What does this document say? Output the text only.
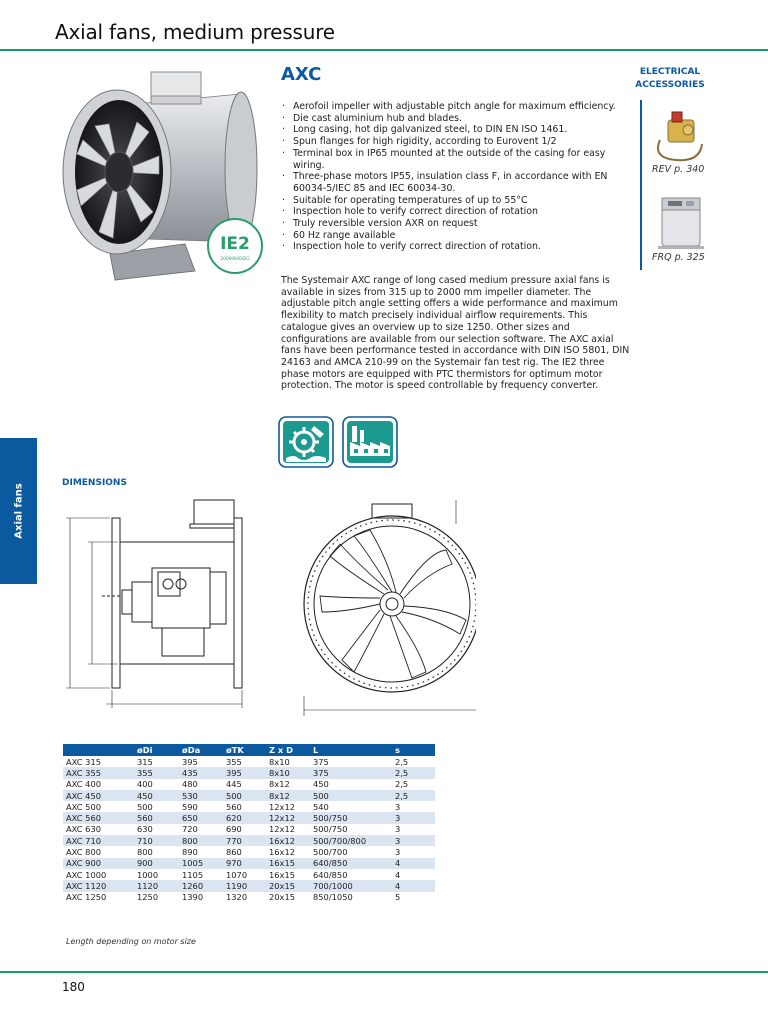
Axial fans, medium pressure
Axial fans
IE2
2009/640/EG
AXC
· Aerofoil impeller with adjustable pitch angle for maximum efficiency.
· Die cast aluminium hub and blades.
· Long casing, hot dip galvanized steel, to DIN EN ISO 1461.
· Spun flanges for high rigidity, according to Eurovent 1/2
· Terminal box in IP65 mounted at the outside of the casing for easy wiring.
· Three-phase motors IP55, insulation class F, in accordance with EN 60034-5/IEC 85 and IEC 60034-30.
· Suitable for operating temperatures of up to 55°C
· Inspection hole to verify correct direction of rotation
· Truly reversible version AXR on request
· 60 Hz range available
· Inspection hole to verify correct direction of rotation.

The Systemair AXC range of long cased medium pressure axial fans is available in sizes from 315 up to 2000 mm impeller diameter. The adjustable pitch angle setting offers a wide performance and maximum flexibility to match precisely individual airflow requirements. This catalogue gives an overview up to size 1250. Other sizes and configurations are available from our selection software. The AXC axial fans have been performance tested in accordance with DIN ISO 5801, DIN 24163 and AMCA 210-99 on the Systemair fan test rig. The IE2 three phase motors are equipped with PTC thermistors for optimum motor protection. The motor is speed controllable by frequency converter.

ELECTRICAL ACCESSORIES
REV p. 340
FRQ p. 325
DIMENSIONS
	øDi	øDa	øTK	Z x D	L	s
AXC 315	315	395	355	8x10	375	2,5
AXC 355	355	435	395	8x10	375	2,5
AXC 400	400	480	445	8x12	450	2,5
AXC 450	450	530	500	8x12	500	2,5
AXC 500	500	590	560	12x12	540	3
AXC 560	560	650	620	12x12	500/750	3
AXC 630	630	720	690	12x12	500/750	3
AXC 710	710	800	770	16x12	500/700/800	3
AXC 800	800	890	860	16x12	500/700	3
AXC 900	900	1005	970	16x15	640/850	4
AXC 1000	1000	1105	1070	16x15	640/850	4
AXC 1120	1120	1260	1190	20x15	700/1000	4
AXC 1250	1250	1390	1320	20x15	850/1050	5
Length depending on motor size
180
